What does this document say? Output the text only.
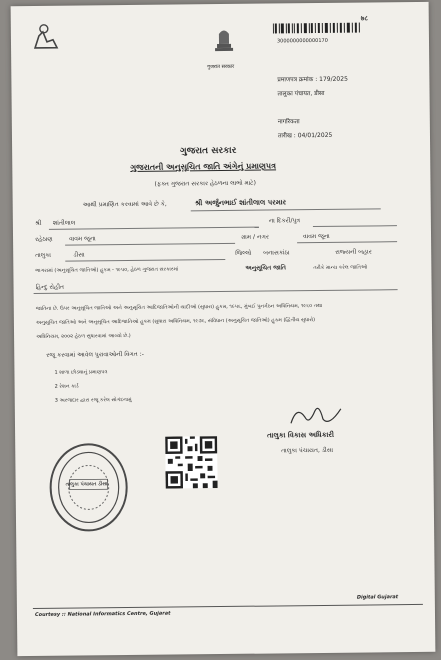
७८
गुजरात सरकार
3000000000000170
प्रमाणपत्र क्रमांक : 179/2025
तालुका पंचायत, डीसा
नागरिकता
तारीख : 04/01/2025
ગુજરાત સરકાર
ગુજરાતની અનુસૂચિત જાતિ અંગેનું પ્રમાણપત્ર
(ફક્ત ગુજરાત સરકાર હેઠળના લાભો માટે)
આથી પ્રમાણિત કરવામાં આવે છે કે,	શ્રી અર્જુનભાઈ શાંતીલાલ પરમાર
શ્રી શાંતીલાલ	ના દિકરી/પુત્ર
રહેઠાણ	વાવમ જૂના	ગ્રામ / નગર	વાવમ જૂના
તાલુકા	ડીસા	જિલ્લો બનાસકાંઠા	રાજ્યની બહાર
ભાગરામાં (અનુસૂચિત જાતિઓ) હુકમ - ૧૯૫૦, હેઠળ ગુજરાત સરકારમાં	અનુસૂચિત જાતિ	તરીકે માન્ય કરેલ જાતિઓ
હિન્દુ રોહીત
જાતિના છે. ઉપર અનુસૂચિત જાતિઓ અને અનુસૂચિત આદિજાતિઓની યાદીઓ (સુધારા) હુકમ, ૧૯૫૬, મુંબઈ પુનર્ગઠન અધિનિયમ, ૧૯૬૦ તથા
અનુસૂચિત જાતિઓ અને અનુસૂચિત આદિજાતિઓ હુકમ (સુધારા અધિનિયમ, ૧૯૭૬, સંવિધાન (અનુસૂચિત જાતિઓ) હુકમ (દ્વિતીય સુધારો)
અધિનિયમ, ૨૦૦૨ હેઠળ સુધારવામાં આવ્યો છે.)
રજૂ કરવામાં આવેલ પુરાવાઓની વિગત :-
1 શાળા છોડ્યાનું પ્રમાણપત્ર
2 રેશન કાર્ડ
3 અરજદાર દ્વારા રજૂ કરેલ સોગંદનામું
તાલુકા વિકાસ અધિકારી
તાલુકા પંચાયત, ડીસા
તાલુકા પંચાયત ડીસા
Digital Gujarat
Courtesy :: National Informatics Centre, Gujarat
